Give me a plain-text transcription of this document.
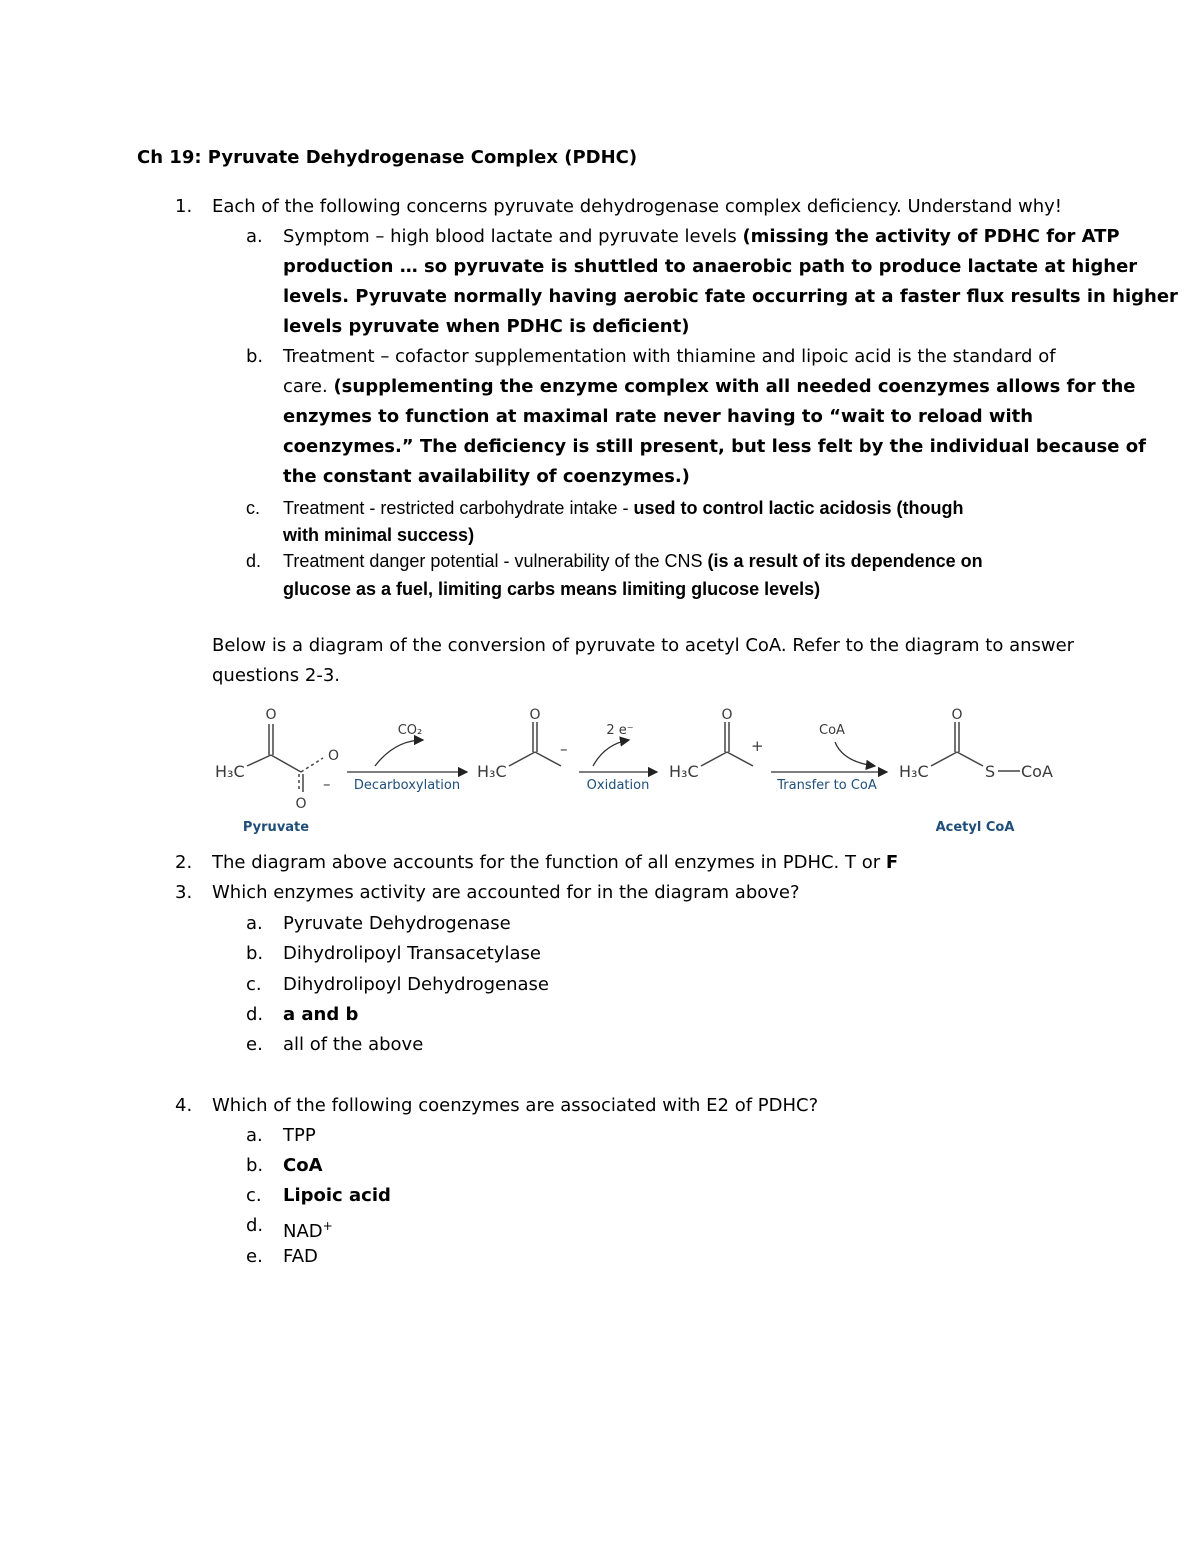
Ch 19: Pyruvate Dehydrogenase Complex (PDHC)
1. Each of the following concerns pyruvate dehydrogenase complex deficiency. Understand why!
a. Symptom – high blood lactate and pyruvate levels (missing the activity of PDHC for ATP
production … so pyruvate is shuttled to anaerobic path to produce lactate at higher
levels. Pyruvate normally having aerobic fate occurring at a faster flux results in higher
levels pyruvate when PDHC is deficient)
b. Treatment – cofactor supplementation with thiamine and lipoic acid is the standard of
care. (supplementing the enzyme complex with all needed coenzymes allows for the
enzymes to function at maximal rate never having to “wait to reload with
coenzymes.” The deficiency is still present, but less felt by the individual because of
the constant availability of coenzymes.)
c. Treatment - restricted carbohydrate intake - used to control lactic acidosis (though
with minimal success)
d. Treatment danger potential - vulnerability of the CNS (is a result of its dependence on
glucose as a fuel, limiting carbs means limiting glucose levels)
Below is a diagram of the conversion of pyruvate to acetyl CoA. Refer to the diagram to answer
questions 2-3.
O
H₃C
O
O
–
Pyruvate
CO₂
Decarboxylation
H₃C
O
–
2 e⁻
Oxidation
H₃C
O
+
CoA
Transfer to CoA
H₃C
O
S CoA
Acetyl CoA
2. The diagram above accounts for the function of all enzymes in PDHC. T or F
3. Which enzymes activity are accounted for in the diagram above?
a. Pyruvate Dehydrogenase
b. Dihydrolipoyl Transacetylase
c. Dihydrolipoyl Dehydrogenase
d. a and b
e. all of the above
4. Which of the following coenzymes are associated with E2 of PDHC?
a. TPP
b. CoA
c. Lipoic acid
d. NAD+
e. FAD
